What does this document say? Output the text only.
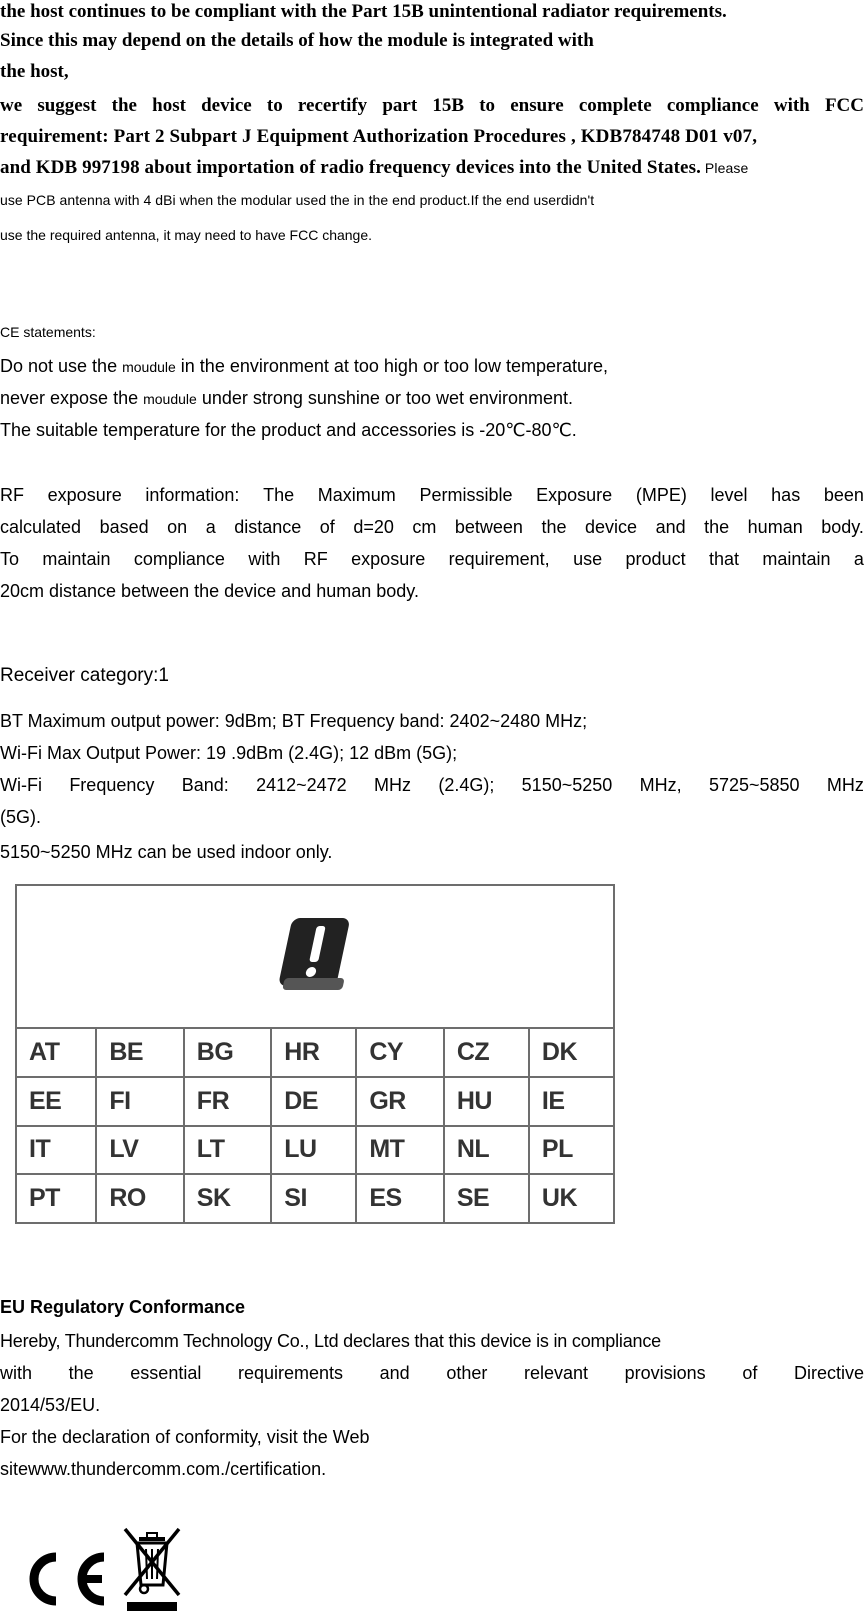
the host continues to be compliant with the Part 15B unintentional radiator requirements.
Since this may depend on the details of how the module is integrated with
the host,
we suggest the host device to recertify part 15B to ensure complete compliance with FCC
requirement: Part 2 Subpart J Equipment Authorization Procedures , KDB784748 D01 v07,
and KDB 997198 about importation of radio frequency devices into the United States. Please
use PCB antenna with 4 dBi when the modular used the in the end product.If the end userdidn't
use the required antenna, it may need to have FCC change.
CE statements:
Do not use the moudule in the environment at too high or too low temperature,
never expose the moudule under strong sunshine or too wet environment.
The suitable temperature for the product and accessories is -20℃-80℃.
RF exposure information: The Maximum Permissible Exposure (MPE) level has been
calculated based on a distance of d=20 cm between the device and the human body.
To maintain compliance with RF exposure requirement, use product that maintain a
20cm distance between the device and human body.
Receiver category:1
BT Maximum output power: 9dBm; BT Frequency band: 2402~2480 MHz;
Wi-Fi Max Output Power: 19 .9dBm (2.4G); 12 dBm (5G);
Wi-Fi Frequency Band: 2412~2472 MHz (2.4G); 5150~5250 MHz, 5725~5850 MHz
(5G).
5150~5250 MHz can be used indoor only.
AT	BE	BG	HR	CY	CZ	DK
EE	FI	FR	DE	GR	HU	IE
IT	LV	LT	LU	MT	NL	PL
PT	RO	SK	SI	ES	SE	UK
EU Regulatory Conformance
Hereby, Thundercomm Technology Co., Ltd declares that this device is in compliance
with the essential requirements and other relevant provisions of Directive
2014/53/EU.
For the declaration of conformity, visit the Web
sitewww.thundercomm.com./certification.
